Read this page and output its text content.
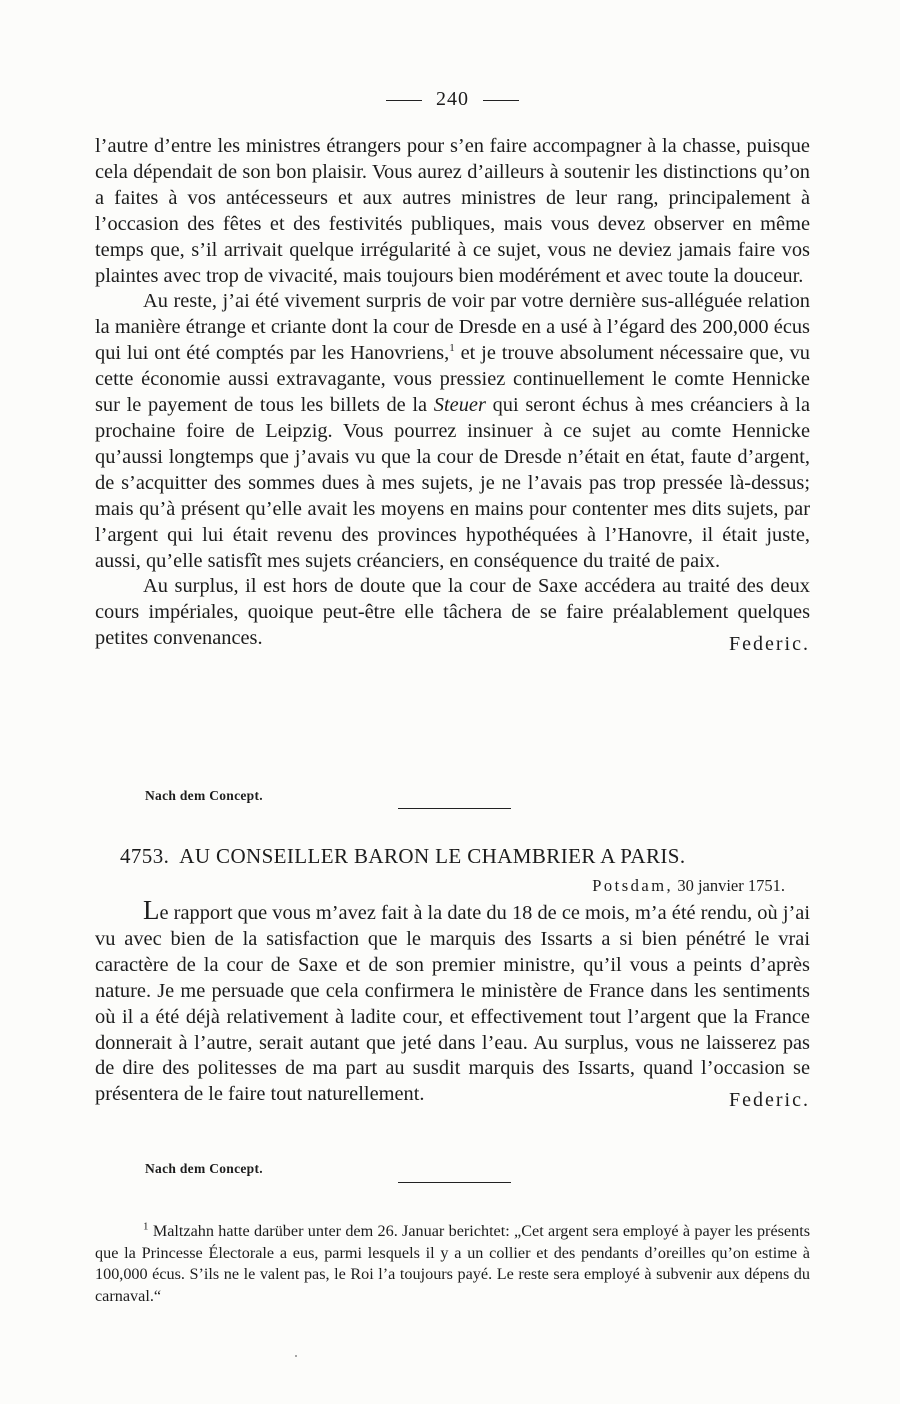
240

l’autre d’entre les ministres étrangers pour s’en faire accompagner à la chasse, puisque cela dépendait de son bon plaisir. Vous aurez d’ailleurs à soutenir les distinctions qu’on a faites à vos antécesseurs et aux autres ministres de leur rang, principalement à l’occasion des fêtes et des festivités publiques, mais vous devez observer en même temps que, s’il arrivait quelque irrégularité à ce sujet, vous ne deviez jamais faire vos plaintes avec trop de vivacité, mais toujours bien modérément et avec toute la douceur.

Au reste, j’ai été vivement surpris de voir par votre dernière sus-alléguée relation la manière étrange et criante dont la cour de Dresde en a usé à l’égard des 200,000 écus qui lui ont été comptés par les Hanovriens,$^1$ et je trouve absolument nécessaire que, vu cette économie aussi extravagante, vous pressiez continuellement le comte Hennicke sur le payement de tous les billets de la Steuer qui seront échus à mes créanciers à la prochaine foire de Leipzig. Vous pourrez insinuer à ce sujet au comte Hennicke qu’aussi longtemps que j’avais vu que la cour de Dresde n’était en état, faute d’argent, de s’acquitter des sommes dues à mes sujets, je ne l’avais pas trop pressée là-dessus; mais qu’à présent qu’elle avait les moyens en mains pour contenter mes dits sujets, par l’argent qui lui était revenu des provinces hypothéquées à l’Hanovre, il était juste, aussi, qu’elle satisfît mes sujets créanciers, en conséquence du traité de paix.

Au surplus, il est hors de doute que la cour de Saxe accédera au traité des deux cours impériales, quoique peut-être elle tâchera de se faire préalablement quelques petites convenances.	Federic.

Nach dem Concept.
4753. AU CONSEILLER BARON LE CHAMBRIER A PARIS.
Potsdam, 30 janvier 1751.

Le rapport que vous m’avez fait à la date du 18 de ce mois, m’a été rendu, où j’ai vu avec bien de la satisfaction que le marquis des Issarts a si bien pénétré le vrai caractère de la cour de Saxe et de son premier ministre, qu’il vous a peints d’après nature. Je me persuade que cela confirmera le ministère de France dans les sentiments où il a été déjà relativement à ladite cour, et effectivement tout l’argent que la France donnerait à l’autre, serait autant que jeté dans l’eau. Au surplus, vous ne laisserez pas de dire des politesses de ma part au susdit marquis des Issarts, quand l’occasion se présentera de le faire tout naturellement.	Federic.

Nach dem Concept.
$^1$ Maltzahn hatte darüber unter dem 26. Januar berichtet: „Cet argent sera employé à payer les présents que la Princesse Électorale a eus, parmi lesquels il y a un collier et des pendants d’oreilles qu’on estime à 100,000 écus. S’ils ne le valent pas, le Roi l’a toujours payé. Le reste sera employé à subvenir aux dépens du carnaval.“
